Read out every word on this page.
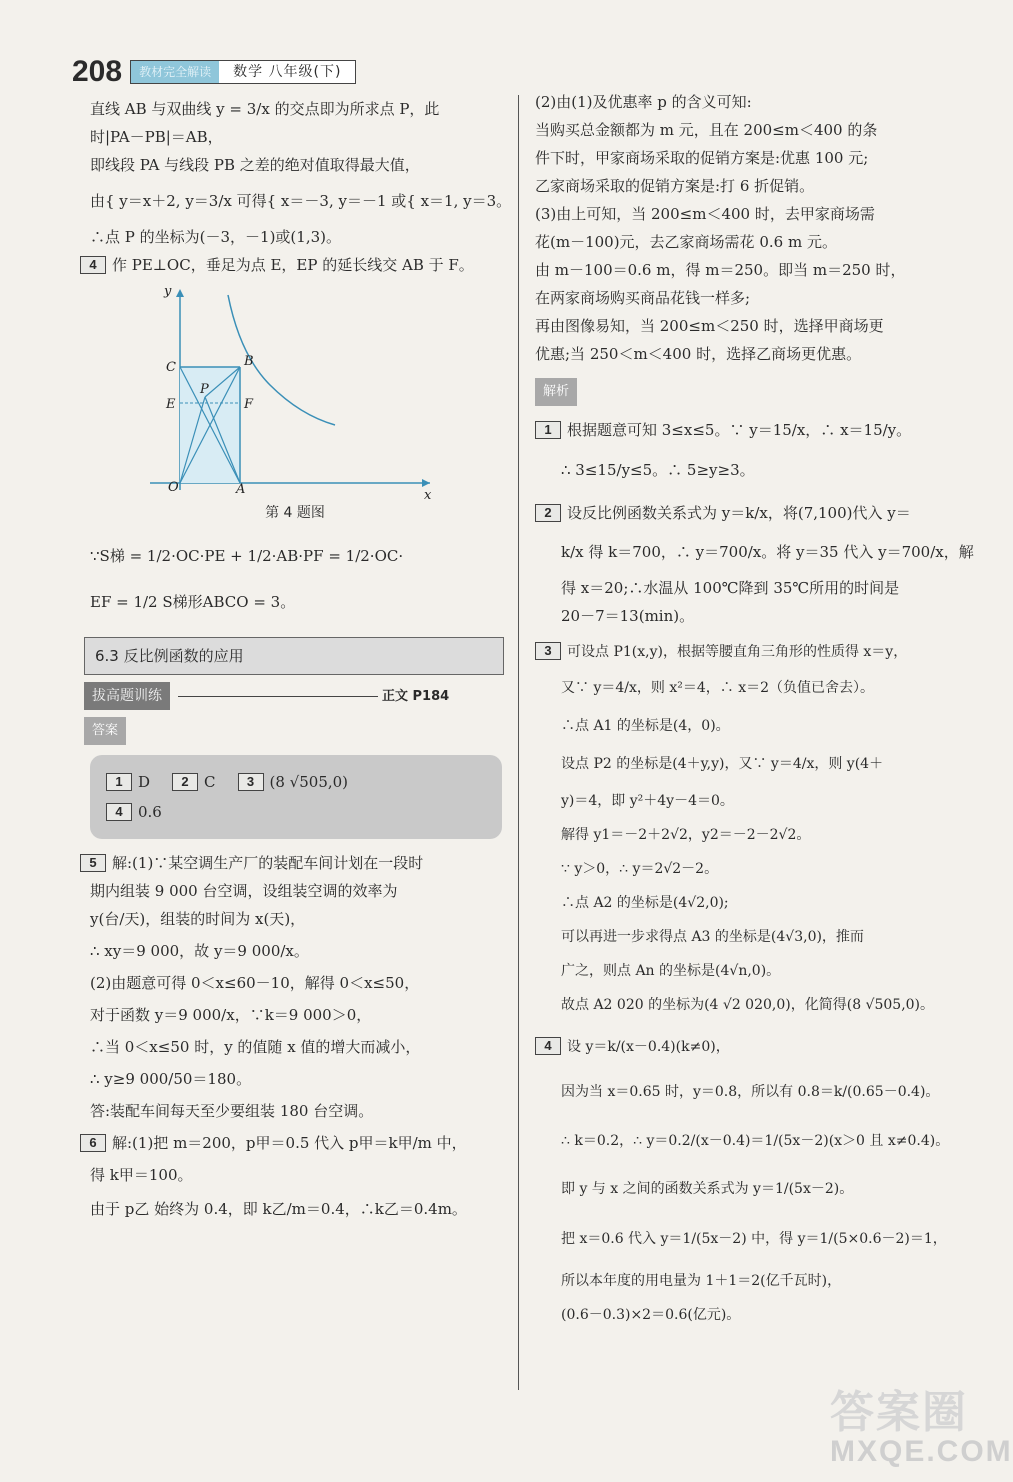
208	教材完全解读	数学 八年级(下)
直线 AB 与双曲线 y = 3/x 的交点即为所求点 P，此
时|PA－PB|＝AB，
即线段 PA 与线段 PB 之差的绝对值取得最大值，
由{ y＝x＋2, y＝3/x 可得{ x＝－3, y＝－1 或{ x＝1, y＝3。
∴点 P 的坐标为(－3，－1)或(1,3)。
4 作 PE⊥OC，垂足为点 E，EP 的延长线交 AB 于 F。
y
x
O	A
B
C
E	F
P
第 4 题图
∵S梯 = 1/2·OC·PE + 1/2·AB·PF = 1/2·OC·
EF = 1/2 S梯形ABCO = 3。
6.3 反比例函数的应用
拔高题训练	正文 P184
答案
1 D	2 C	3 (8 √505,0)
4 0.6
5 解:(1)∵某空调生产厂的装配车间计划在一段时
期内组装 9 000 台空调，设组装空调的效率为
y(台/天)，组装的时间为 x(天)，
∴ xy＝9 000，故 y＝9 000/x。
(2)由题意可得 0＜x≤60－10，解得 0＜x≤50，
对于函数 y＝9 000/x，∵k＝9 000＞0，
∴当 0＜x≤50 时，y 的值随 x 值的增大而减小，
∴ y≥9 000/50＝180。
答:装配车间每天至少要组装 180 台空调。
6 解:(1)把 m＝200，p甲＝0.5 代入 p甲＝k甲/m 中，
得 k甲＝100。
由于 p乙 始终为 0.4，即 k乙/m＝0.4，∴k乙＝0.4m。
(2)由(1)及优惠率 p 的含义可知:
当购买总金额都为 m 元，且在 200≤m＜400 的条
件下时，甲家商场采取的促销方案是:优惠 100 元;
乙家商场采取的促销方案是:打 6 折促销。
(3)由上可知，当 200≤m＜400 时，去甲家商场需
花(m－100)元，去乙家商场需花 0.6 m 元。
由 m－100＝0.6 m，得 m＝250。即当 m＝250 时，
在两家商场购买商品花钱一样多;
再由图像易知，当 200≤m＜250 时，选择甲商场更
优惠;当 250＜m＜400 时，选择乙商场更优惠。
解析
1 根据题意可知 3≤x≤5。∵ y＝15/x，∴ x＝15/y。
∴ 3≤15/y≤5。∴ 5≥y≥3。
2 设反比例函数关系式为 y＝k/x，将(7,100)代入 y＝
k/x 得 k＝700，∴ y＝700/x。将 y＝35 代入 y＝700/x，解
得 x＝20;∴水温从 100℃降到 35℃所用的时间是
20－7＝13(min)。
3 可设点 P1(x,y)，根据等腰直角三角形的性质得 x＝y，
又∵ y＝4/x，则 x²＝4，∴ x＝2（负值已舍去）。
∴点 A1 的坐标是(4，0)。
设点 P2 的坐标是(4＋y,y)，又∵ y＝4/x，则 y(4＋
y)＝4，即 y²＋4y－4＝0。
解得 y1＝－2＋2√2，y2＝－2－2√2。
∵ y＞0，∴ y＝2√2－2。
∴点 A2 的坐标是(4√2,0);
可以再进一步求得点 A3 的坐标是(4√3,0)，推而
广之，则点 An 的坐标是(4√n,0)。
故点 A2 020 的坐标为(4 √2 020,0)，化简得(8 √505,0)。
4 设 y＝k/(x－0.4)(k≠0)，
因为当 x＝0.65 时，y＝0.8，所以有 0.8＝k/(0.65－0.4)。
∴ k＝0.2，∴ y＝0.2/(x－0.4)＝1/(5x－2)(x＞0 且 x≠0.4)。
即 y 与 x 之间的函数关系式为 y＝1/(5x－2)。
把 x＝0.6 代入 y＝1/(5x－2) 中，得 y＝1/(5×0.6－2)＝1，
所以本年度的用电量为 1＋1＝2(亿千瓦时)，
(0.6－0.3)×2＝0.6(亿元)。
答案圈
MXQE.COM
